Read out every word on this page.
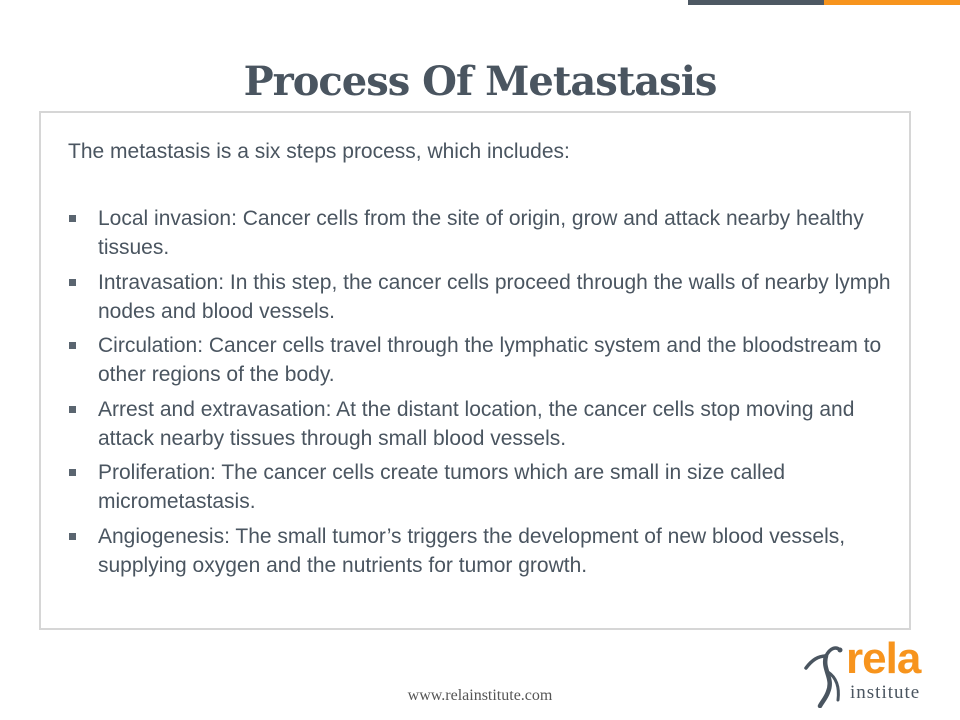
Process Of Metastasis

The metastasis is a six steps process, which includes:

Local invasion: Cancer cells from the site of origin, grow and attack nearby healthy tissues.
Intravasation: In this step, the cancer cells proceed through the walls of nearby lymph nodes and blood vessels.
Circulation: Cancer cells travel through the lymphatic system and the bloodstream to other regions of the body.
Arrest and extravasation: At the distant location, the cancer cells stop moving and attack nearby tissues through small blood vessels.
Proliferation: The cancer cells create tumors which are small in size called micrometastasis.
Angiogenesis: The small tumor’s triggers the development of new blood vessels, supplying oxygen and the nutrients for tumor growth.
www.relainstitute.com
rela
institute
